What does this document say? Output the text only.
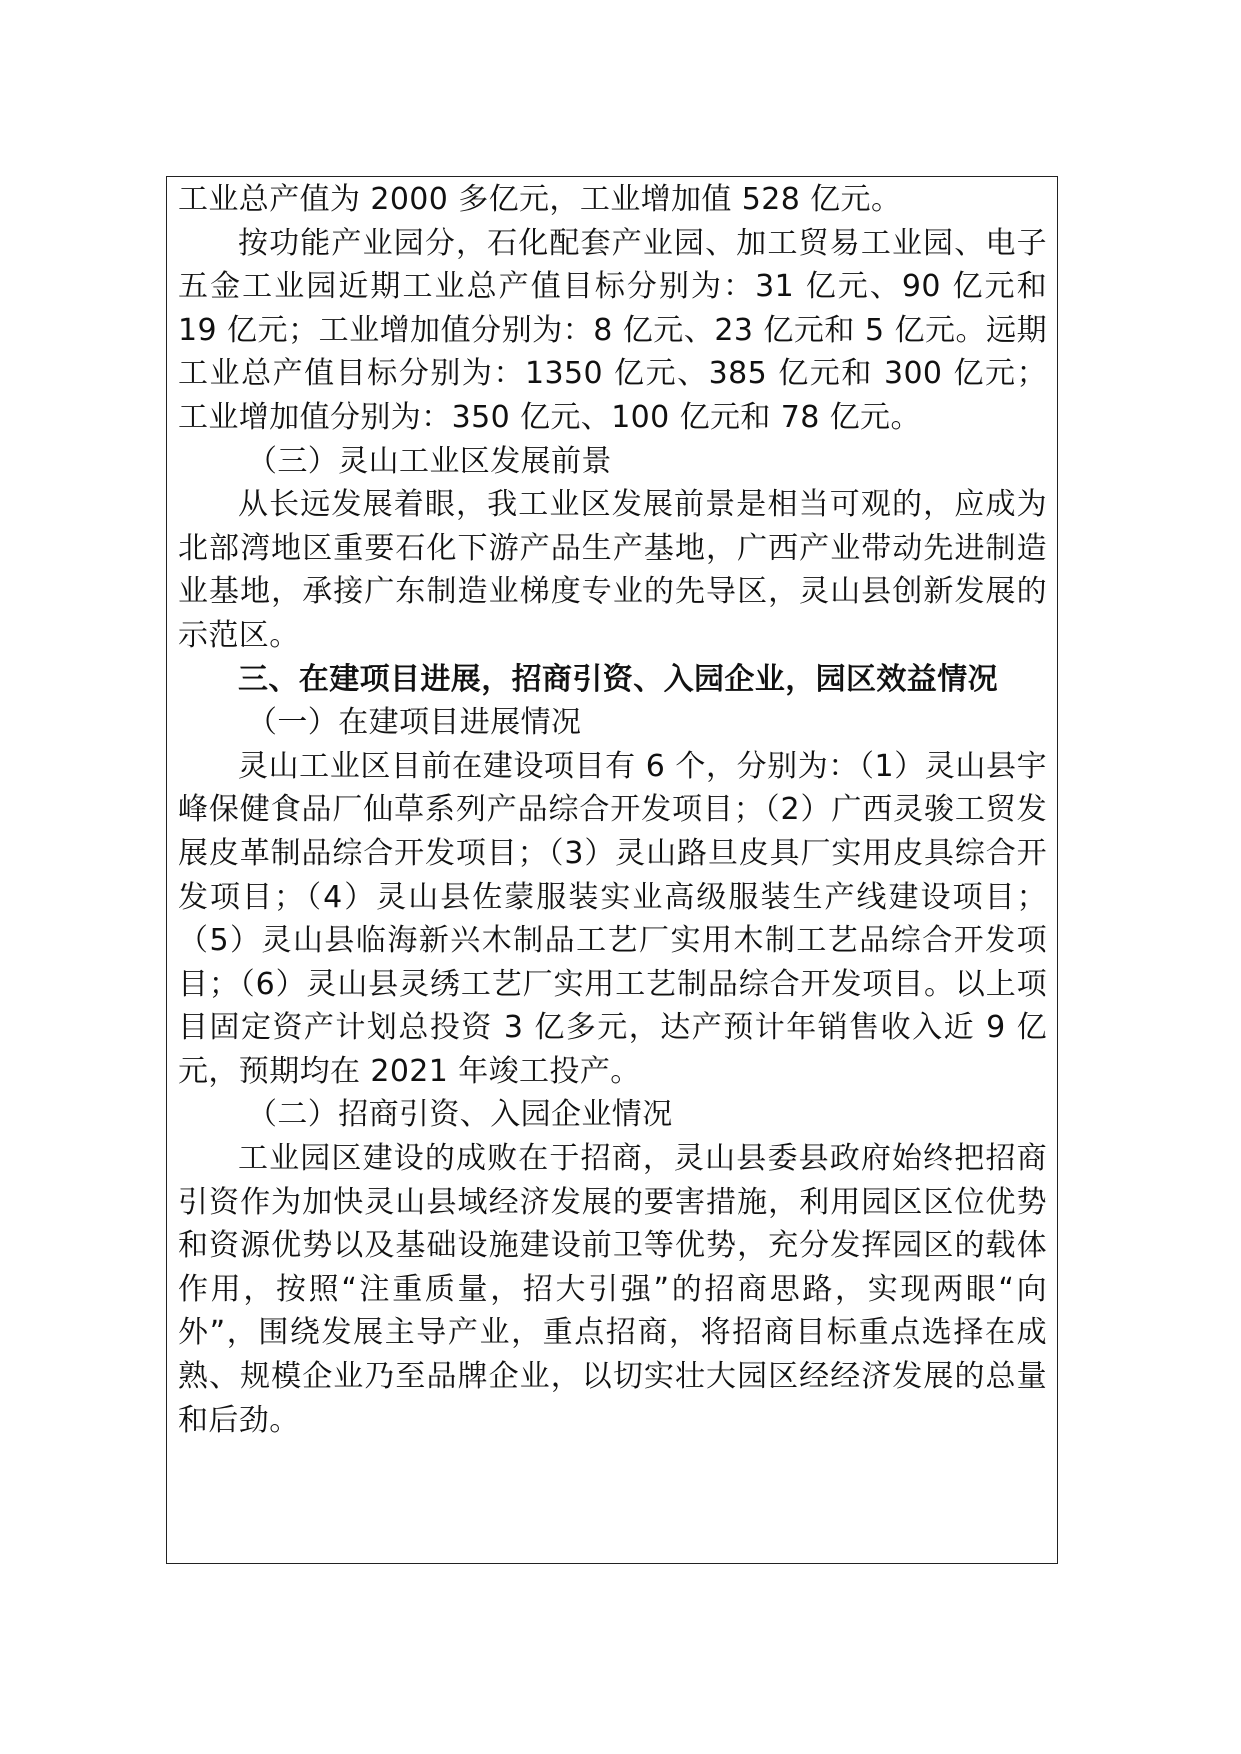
工业总产值为 2000 多亿元，工业增加值 528 亿元。

按功能产业园分，石化配套产业园、加工贸易工业园、电子五金工业园近期工业总产值目标分别为：31 亿元、90 亿元和 19 亿元；工业增加值分别为：8 亿元、23 亿元和 5 亿元。远期工业总产值目标分别为：1350 亿元、385 亿元和 300 亿元；工业增加值分别为：350 亿元、100 亿元和 78 亿元。

（三）灵山工业区发展前景

从长远发展着眼，我工业区发展前景是相当可观的，应成为北部湾地区重要石化下游产品生产基地，广西产业带动先进制造业基地，承接广东制造业梯度专业的先导区，灵山县创新发展的示范区。

三、在建项目进展，招商引资、入园企业，园区效益情况

（一）在建项目进展情况

灵山工业区目前在建设项目有 6 个，分别为：（1）灵山县宇峰保健食品厂仙草系列产品综合开发项目；（2）广西灵骏工贸发展皮革制品综合开发项目；（3）灵山路旦皮具厂实用皮具综合开发项目；（4）灵山县佐蒙服装实业高级服装生产线建设项目；（5）灵山县临海新兴木制品工艺厂实用木制工艺品综合开发项目；（6）灵山县灵绣工艺厂实用工艺制品综合开发项目。以上项目固定资产计划总投资 3 亿多元，达产预计年销售收入近 9 亿元，预期均在 2021 年竣工投产。

（二）招商引资、入园企业情况

工业园区建设的成败在于招商，灵山县委县政府始终把招商引资作为加快灵山县域经济发展的要害措施，利用园区区位优势和资源优势以及基础设施建设前卫等优势，充分发挥园区的载体作用，按照“注重质量，招大引强”的招商思路，实现两眼“向外”，围绕发展主导产业，重点招商，将招商目标重点选择在成熟、规模企业乃至品牌企业，以切实壮大园区经经济发展的总量和后劲。
